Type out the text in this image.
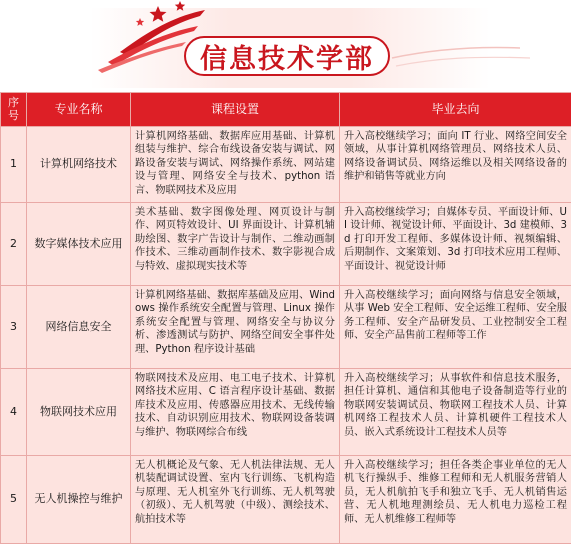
信息技术学部
序号	专业名称	课程设置	毕业去向
1	计算机网络技术	计算机网络基础、数据库应用基础、计算机组装与维护、综合布线设备安装与调试、网路设备安装与调试、网络操作系统、网站建设与管理、网络安全与技术、python 语言、物联网技术及应用	升入高校继续学习；面向 IT 行业、网络空间安全领域，从事计算机网络管理员、网络技术人员、网络设备调试员、网络运维以及相关网络设备的维护和销售等就业方向
2	数字媒体技术应用	美术基础、数字图像处理、网页设计与制作、网页特效设计、UI 界面设计、计算机辅助绘图、数字广告设计与制作、二维动画制作技术、三维动画制作技术、数字影视合成与特效、虚拟现实技术等	升入高校继续学习；自媒体专员、平面设计师、UI 设计师、视觉设计师、平面设计、3d 建模师、3d 打印开发工程师、多媒体设计师、视频编辑、后期制作、文案策划、3d 打印技术应用工程师、平面设计、视觉设计师
3	网络信息安全	计算机网络基础、数据库基础及应用、Windows 操作系统安全配置与管理、Linux 操作系统安全配置与管理、网络安全与协议分析、渗透测试与防护、网络空间安全事件处理、Python 程序设计基础	升入高校继续学习；面向网络与信息安全领域，从事 Web 安全工程师、安全运维工程师、安全服务工程师、安全产品研发员、工业控制安全工程师、安全产品售前工程师等工作
4	物联网技术应用	物联网技术及应用、电工电子技术、计算机网络技术应用、C 语言程序设计基础、数据库技术及应用、传感器应用技术、无线传输技术、自动识别应用技术、物联网设备装调与维护、物联网综合布线	升入高校继续学习；从事软件和信息技术服务，担任计算机、通信和其他电子设备制造等行业的物联网安装调试员、物联网工程技术人员、计算机网络工程技术人员、计算机硬件工程技术人员、嵌入式系统设计工程技术人员等
5	无人机操控与维护	无人机概论及气象、无人机法律法规、无人机装配调试设置、室内飞行训练、飞机构造与原理、无人机室外飞行训练、无人机驾驶（初级）、无人机驾驶（中级）、测绘技术、航拍技术等	升入高校继续学习；担任各类企事业单位的无人机飞行操纵手、维修工程师和无人机服务营销人员，无人机航拍飞手和独立飞手、无人机销售运营、无人机地理测绘员、无人机电力巡检工程师、无人机维修工程师等
